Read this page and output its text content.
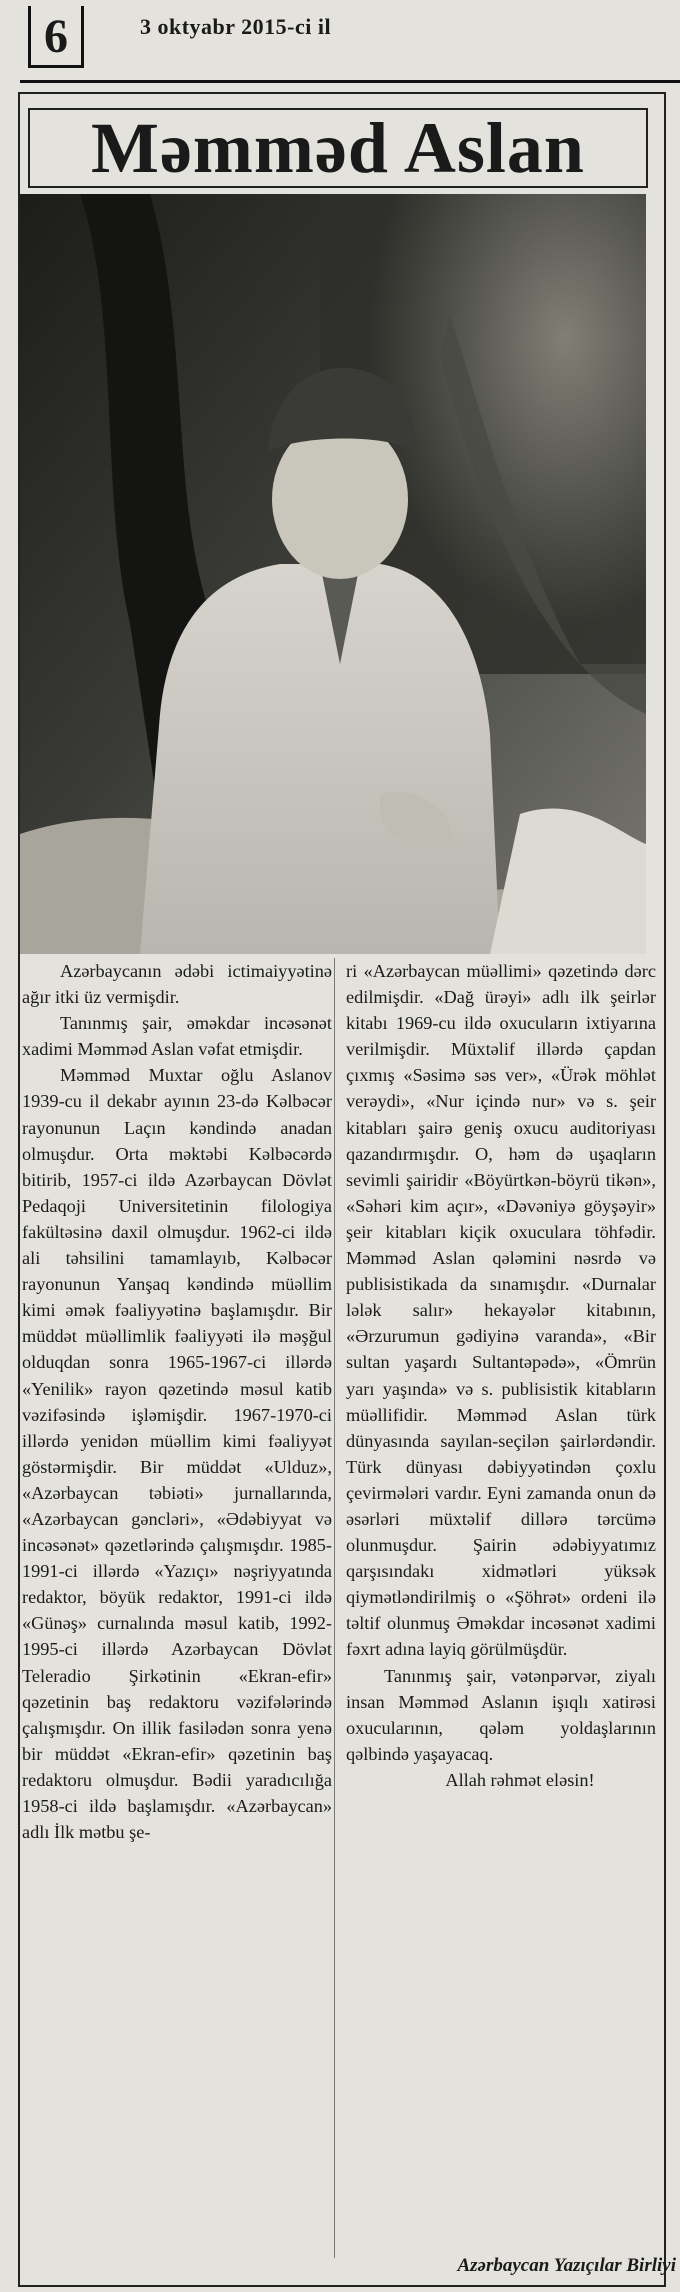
6	3 oktyabr 2015-ci il
Məmməd Aslan

Azərbaycanın ədəbi ictimaiyyətinə ağır itki üz vermişdir.

Tanınmış şair, əməkdar incəsənət xadimi Məmməd Aslan vəfat etmişdir.

Məmməd Muxtar oğlu Aslanov 1939-cu il dekabr ayının 23-də Kəlbəcər rayonunun Laçın kəndində anadan olmuşdur. Orta məktəbi Kəlbəcərdə bitirib, 1957-ci ildə Azərbaycan Dövlət Pedaqoji Universitetinin filologiya fakültəsinə daxil olmuşdur. 1962-ci ildə ali təhsilini tamamlayıb, Kəlbəcər rayonunun Yanşaq kəndində müəllim kimi əmək fəaliyyətinə başlamışdır. Bir müddət müəllimlik fəaliyyəti ilə məşğul olduqdan sonra 1965-1967-ci illərdə «Yenilik» rayon qəzetində məsul katib vəzifəsində işləmişdir. 1967-1970-ci illərdə yenidən müəllim kimi fəaliyyət göstərmişdir. Bir müddət «Ulduz», «Azərbaycan təbiəti» jurnallarında, «Azərbaycan gəncləri», «Ədəbiyyat və incəsənət» qəzetlərində çalışmışdır. 1985-1991-ci illərdə «Yazıçı» nəşriyyatında redaktor, böyük redaktor, 1991-ci ildə «Günəş» curnalında məsul katib, 1992-1995-ci illərdə Azərbaycan Dövlət Teleradio Şirkətinin «Ekran-efir» qəzetinin baş redaktoru vəzifələrində çalışmışdır. On illik fasilədən sonra yenə bir müddət «Ekran-efir» qəzetinin baş redaktoru olmuşdur. Bədii yaradıcılığa 1958-ci ildə başlamışdır. «Azərbaycan» adlı İlk mətbu şe-

ri «Azərbaycan müəllimi» qəzetində dərc edilmişdir. «Dağ ürəyi» adlı ilk şeirlər kitabı 1969-cu ildə oxucuların ixtiyarına verilmişdir. Müxtəlif illərdə çapdan çıxmış «Səsimə səs ver», «Ürək möhlət verəydi», «Nur içində nur» və s. şeir kitabları şairə geniş oxucu auditoriyası qazandırmışdır. O, həm də uşaqların sevimli şairidir «Böyürtkən-böyrü tikən», «Səhəri kim açır», «Dəvəniyə göyşəyir» şeir kitabları kiçik oxuculara töhfədir. Məmməd Aslan qələmini nəsrdə və publisistikada da sınamışdır. «Durnalar lələk salır» hekayələr kitabının, «Ərzurumun gədiyinə varanda», «Bir sultan yaşardı Sultantəpədə», «Ömrün yarı yaşında» və s. publisistik kitabların müəllifidir. Məmməd Aslan türk dünyasında sayılan-seçilən şairlərdəndir. Türk dünyası dəbiyyətindən çoxlu çevirmələri vardır. Eyni zamanda onun də əsərləri müxtəlif dillərə tərcümə olunmuşdur. Şairin ədəbiyyatımız qarşısındakı xidmətləri yüksək qiymətləndirilmiş o «Şöhrət» ordeni ilə təltif olunmuş Əməkdar incəsənət xadimi fəxrt adına layiq görülmüşdür.

Tanınmış şair, vətənpərvər, ziyalı insan Məmməd Aslanın işıqlı xatirəsi oxucularının, qələm yoldaşlarının qəlbində yaşayacaq.

Allah rəhmət eləsin!

Azərbaycan Yazıçılar Birliyi
